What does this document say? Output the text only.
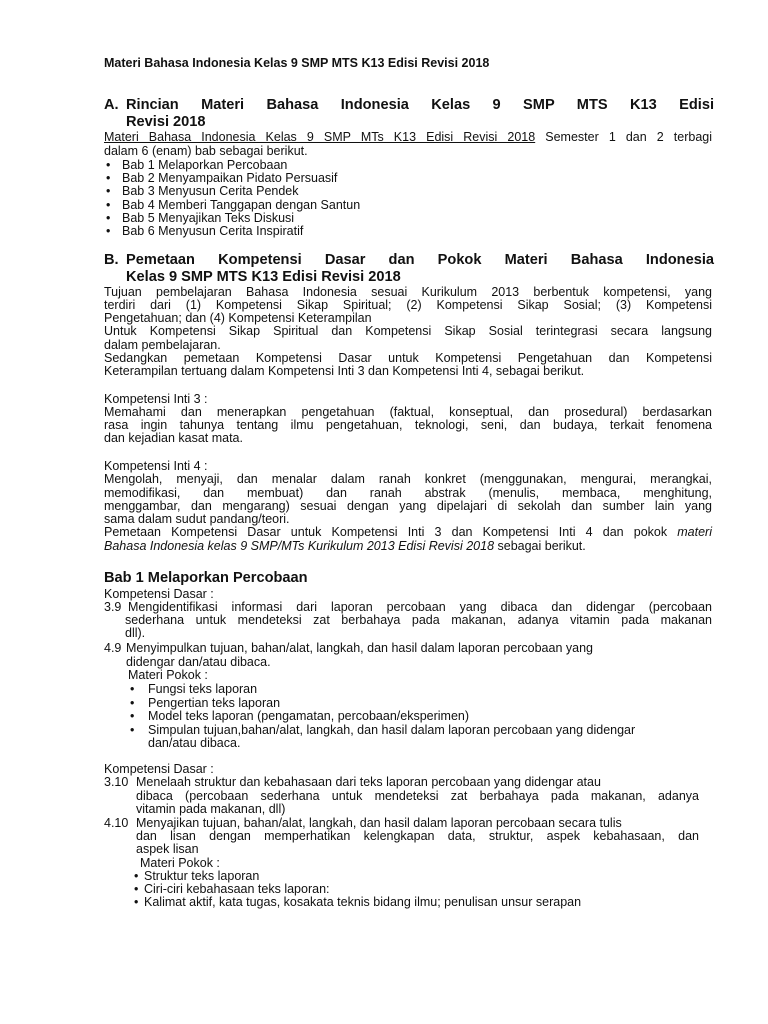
Materi Bahasa Indonesia Kelas 9 SMP MTS K13 Edisi Revisi 2018
A. Rincian Materi Bahasa Indonesia Kelas 9 SMP MTS K13 Edisi
Revisi 2018
Materi Bahasa Indonesia Kelas 9 SMP MTs K13 Edisi Revisi 2018 Semester 1 dan 2 terbagi
dalam 6 (enam) bab sebagai berikut.
• Bab 1 Melaporkan Percobaan
• Bab 2 Menyampaikan Pidato Persuasif
• Bab 3 Menyusun Cerita Pendek
• Bab 4 Memberi Tanggapan dengan Santun
• Bab 5 Menyajikan Teks Diskusi
• Bab 6 Menyusun Cerita Inspiratif
B. Pemetaan Kompetensi Dasar dan Pokok Materi Bahasa Indonesia
Kelas 9 SMP MTS K13 Edisi Revisi 2018
Tujuan pembelajaran Bahasa Indonesia sesuai Kurikulum 2013 berbentuk kompetensi, yang
terdiri dari (1) Kompetensi Sikap Spiritual; (2) Kompetensi Sikap Sosial; (3) Kompetensi
Pengetahuan; dan (4) Kompetensi Keterampilan
Untuk Kompetensi Sikap Spiritual dan Kompetensi Sikap Sosial terintegrasi secara langsung
dalam pembelajaran.
Sedangkan pemetaan Kompetensi Dasar untuk Kompetensi Pengetahuan dan Kompetensi
Keterampilan tertuang dalam Kompetensi Inti 3 dan Kompetensi Inti 4, sebagai berikut.
Kompetensi Inti 3 :
Memahami dan menerapkan pengetahuan (faktual, konseptual, dan prosedural) berdasarkan
rasa ingin tahunya tentang ilmu pengetahuan, teknologi, seni, dan budaya, terkait fenomena
dan kejadian kasat mata.
Kompetensi Inti 4 :
Mengolah, menyaji, dan menalar dalam ranah konkret (menggunakan, mengurai, merangkai,
memodifikasi, dan membuat) dan ranah abstrak (menulis, membaca, menghitung,
menggambar, dan mengarang) sesuai dengan yang dipelajari di sekolah dan sumber lain yang
sama dalam sudut pandang/teori.
Pemetaan Kompetensi Dasar untuk Kompetensi Inti 3 dan Kompetensi Inti 4 dan pokok materi
Bahasa Indonesia kelas 9 SMP/MTs Kurikulum 2013 Edisi Revisi 2018 sebagai berikut.
Bab 1 Melaporkan Percobaan
Kompetensi Dasar :
3.9 Mengidentifikasi informasi dari laporan percobaan yang dibaca dan didengar (percobaan
sederhana untuk mendeteksi zat berbahaya pada makanan, adanya vitamin pada makanan
dll).
4.9 Menyimpulkan tujuan, bahan/alat, langkah, dan hasil dalam laporan percobaan yang
didengar dan/atau dibaca.
Materi Pokok :
• Fungsi teks laporan
• Pengertian teks laporan
• Model teks laporan (pengamatan, percobaan/eksperimen)
• Simpulan tujuan,bahan/alat, langkah, dan hasil dalam laporan percobaan yang didengar
dan/atau dibaca.
Kompetensi Dasar :
3.10 Menelaah struktur dan kebahasaan dari teks laporan percobaan yang didengar atau
dibaca (percobaan sederhana untuk mendeteksi zat berbahaya pada makanan, adanya
vitamin pada makanan, dll)
4.10 Menyajikan tujuan, bahan/alat, langkah, dan hasil dalam laporan percobaan secara tulis
dan lisan dengan memperhatikan kelengkapan data, struktur, aspek kebahasaan, dan
aspek lisan
Materi Pokok :
• Struktur teks laporan
• Ciri-ciri kebahasaan teks laporan:
• Kalimat aktif, kata tugas, kosakata teknis bidang ilmu; penulisan unsur serapan
